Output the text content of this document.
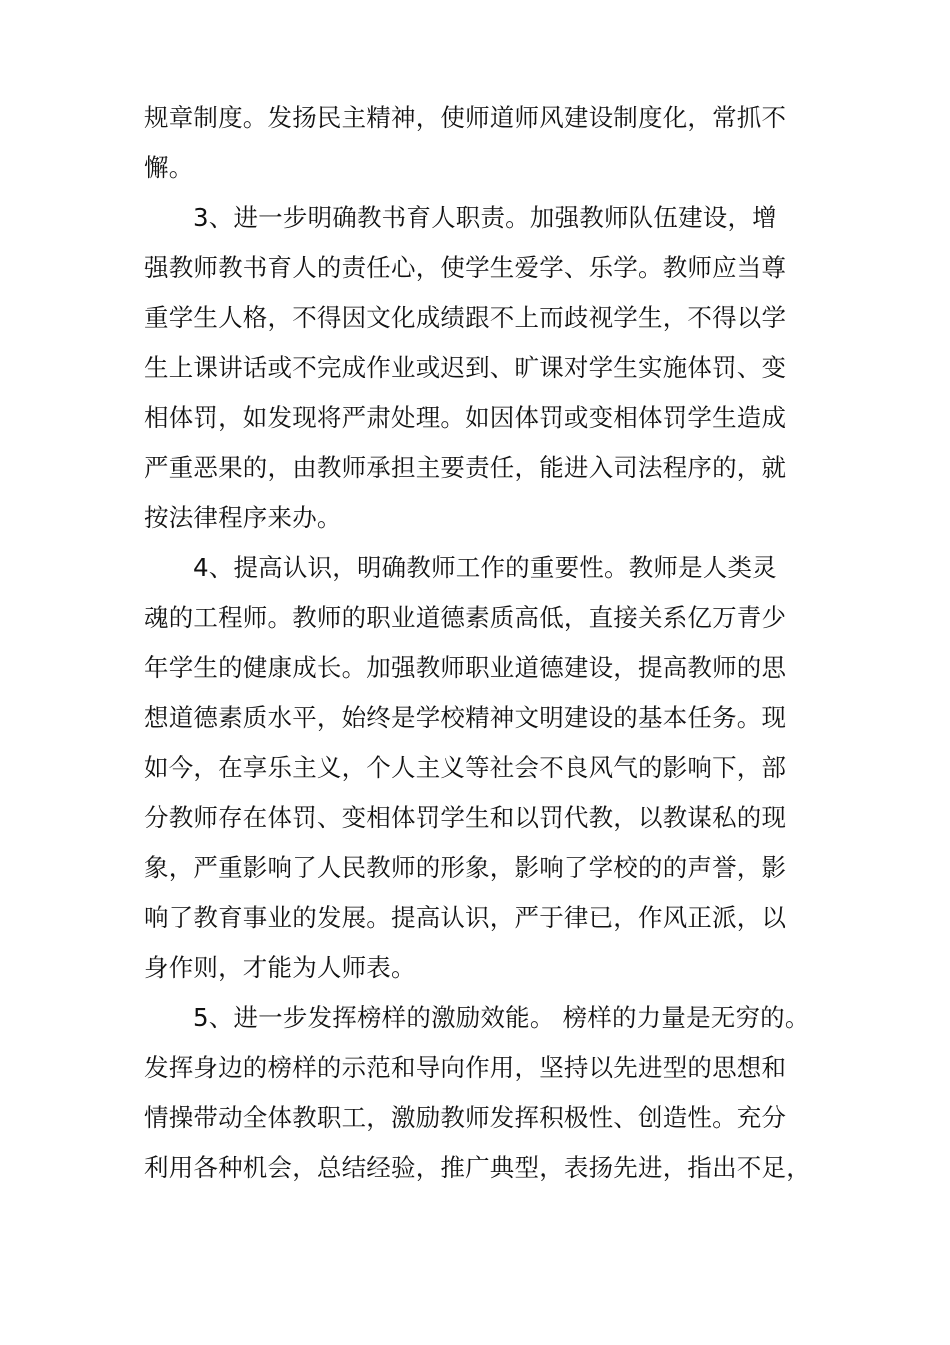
规章制度。发扬民主精神，使师道师风建设制度化，常抓不
懈。
3、进一步明确教书育人职责。加强教师队伍建设，增
强教师教书育人的责任心，使学生爱学、乐学。教师应当尊
重学生人格，不得因文化成绩跟不上而歧视学生，不得以学
生上课讲话或不完成作业或迟到、旷课对学生实施体罚、变
相体罚，如发现将严肃处理。如因体罚或变相体罚学生造成
严重恶果的，由教师承担主要责任，能进入司法程序的，就
按法律程序来办。
4、提高认识，明确教师工作的重要性。教师是人类灵
魂的工程师。教师的职业道德素质高低，直接关系亿万青少
年学生的健康成长。加强教师职业道德建设，提高教师的思
想道德素质水平，始终是学校精神文明建设的基本任务。现
如今，在享乐主义，个人主义等社会不良风气的影响下，部
分教师存在体罚、变相体罚学生和以罚代教，以教谋私的现
象，严重影响了人民教师的形象，影响了学校的的声誉，影
响了教育事业的发展。提高认识，严于律已，作风正派，以
身作则，才能为人师表。
5、进一步发挥榜样的激励效能。 榜样的力量是无穷的。
发挥身边的榜样的示范和导向作用，坚持以先进型的思想和
情操带动全体教职工，激励教师发挥积极性、创造性。充分
利用各种机会，总结经验，推广典型，表扬先进，指出不足，
